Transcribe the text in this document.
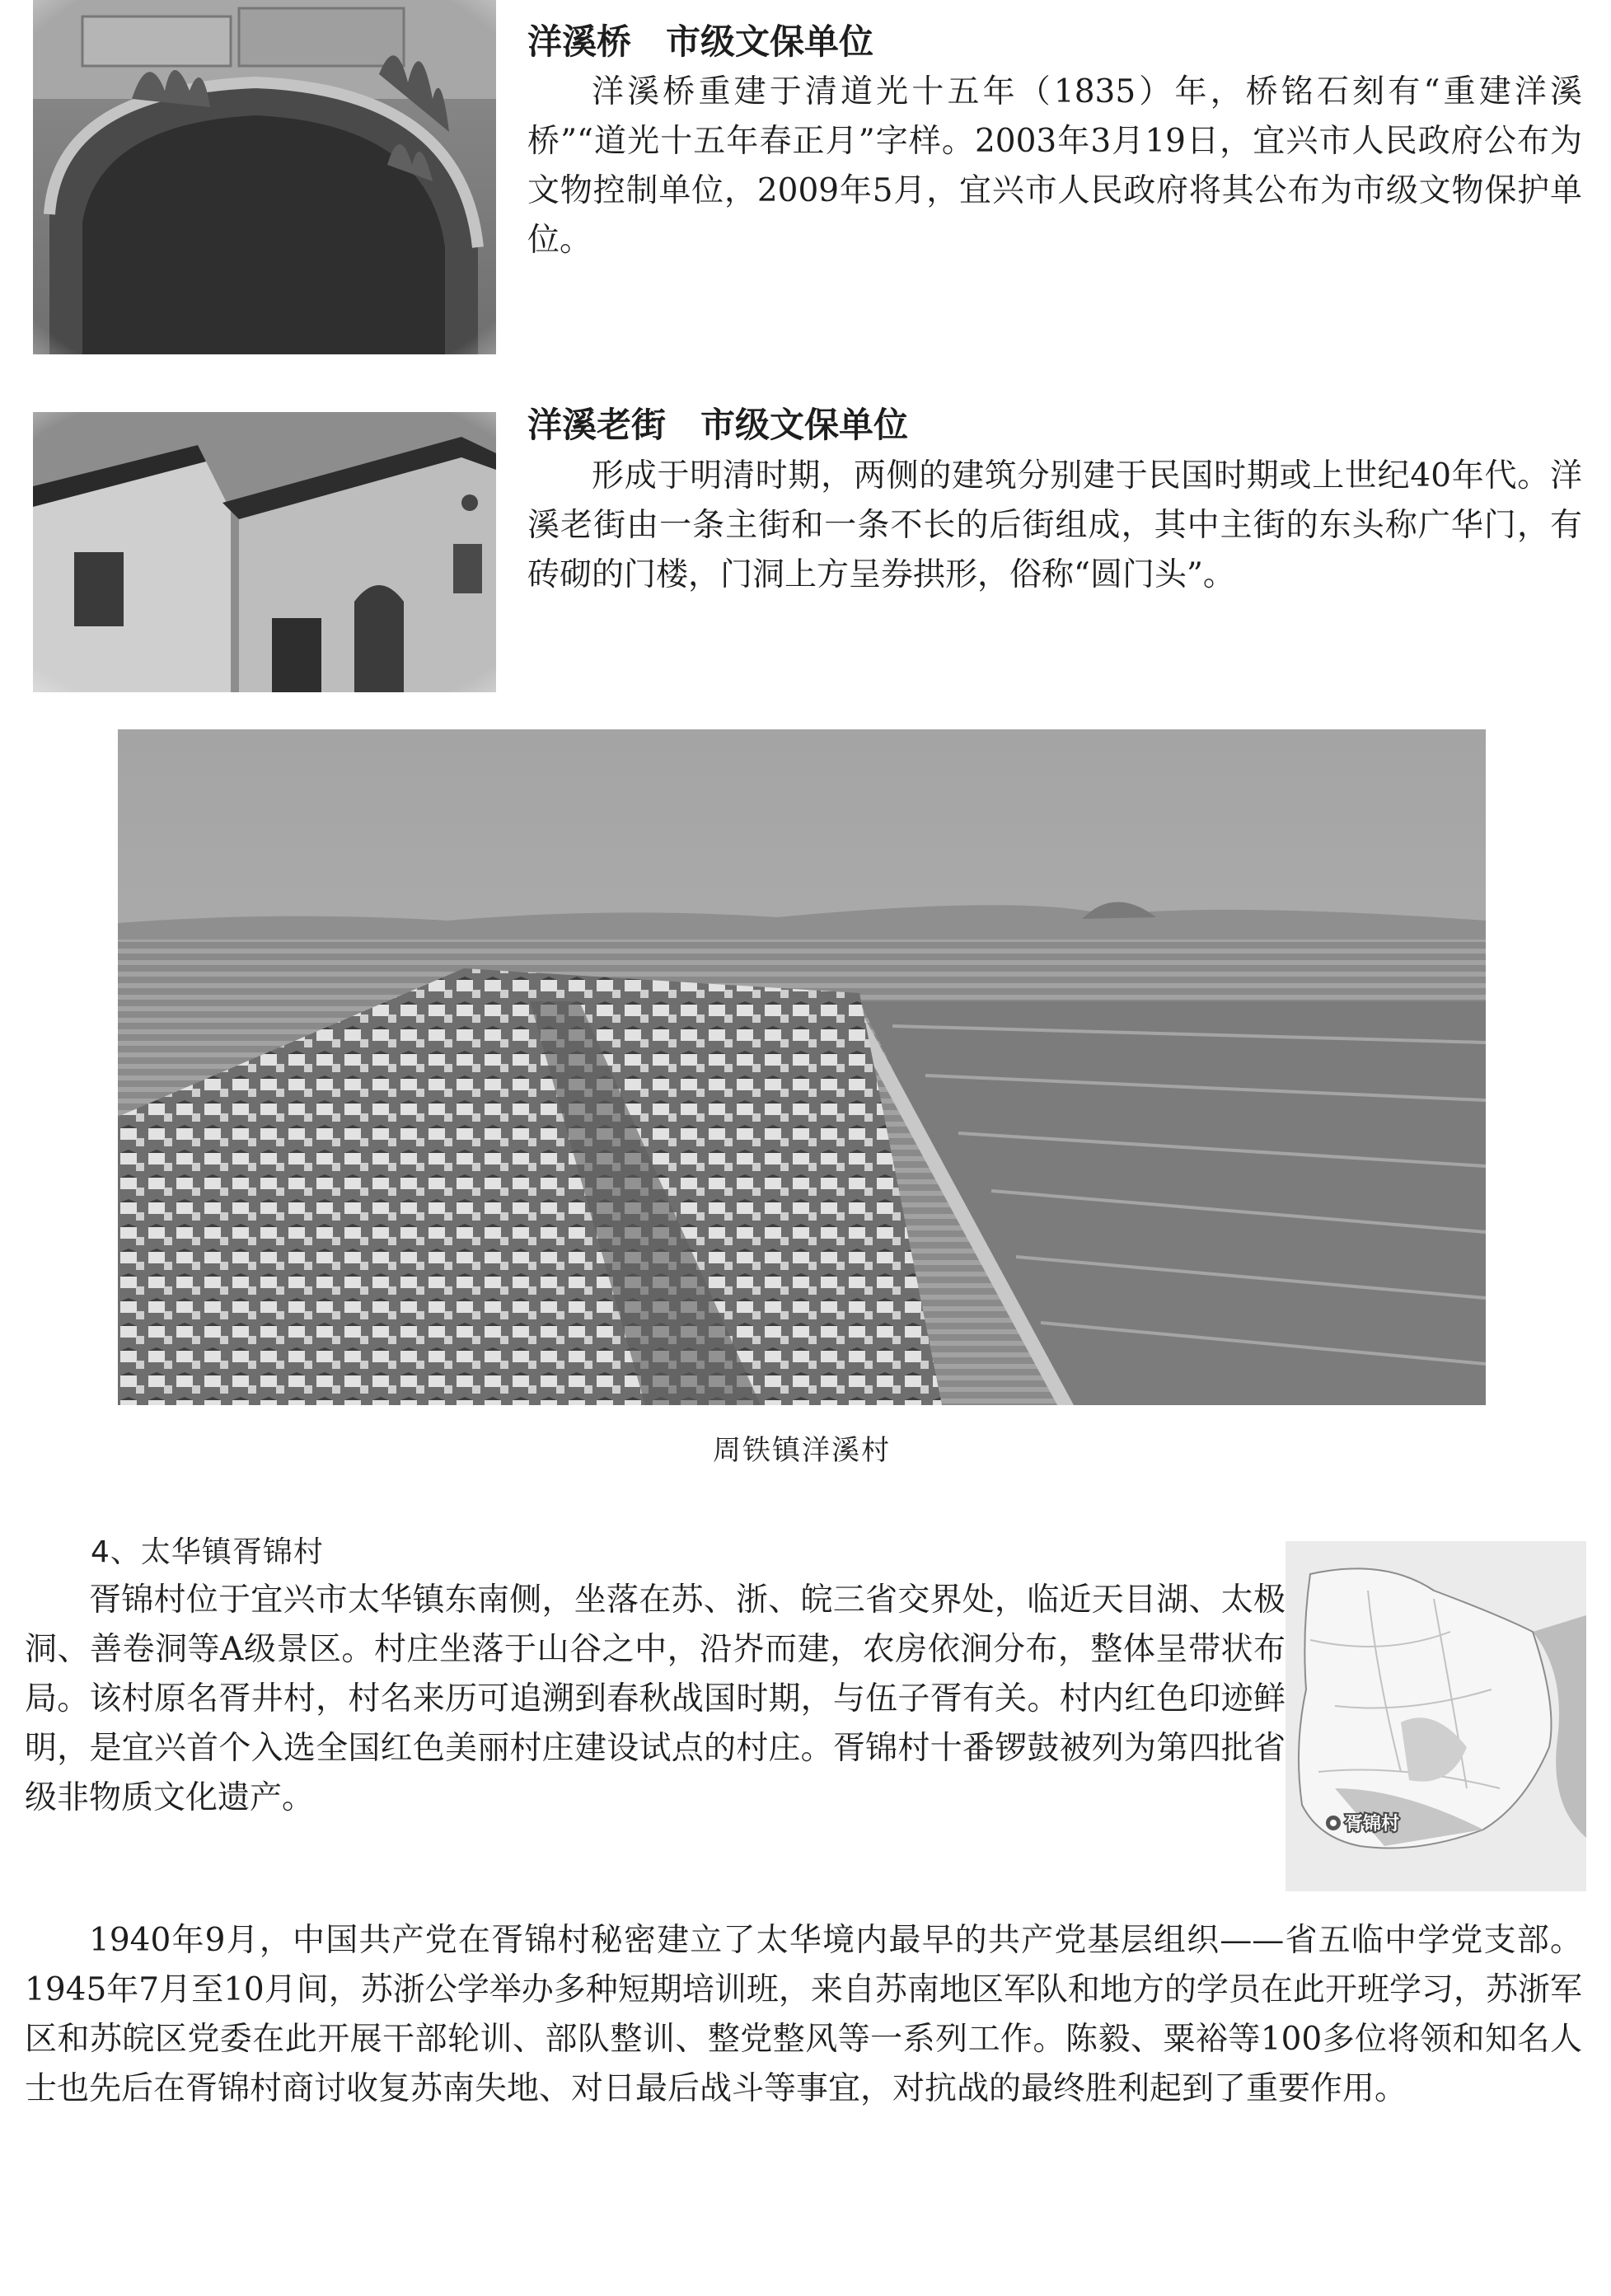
洋溪桥　市级文保单位
洋溪桥重建于清道光十五年（1835）年，桥铭石刻有“重建洋溪桥”“道光十五年春正月”字样。2003年3月19日，宜兴市人民政府公布为文物控制单位，2009年5月，宜兴市人民政府将其公布为市级文物保护单位。
洋溪老街　市级文保单位
形成于明清时期，两侧的建筑分别建于民国时期或上世纪40年代。洋溪老街由一条主街和一条不长的后街组成，其中主街的东头称广华门，有砖砌的门楼，门洞上方呈券拱形，俗称“圆门头”。
周铁镇洋溪村
4、太华镇胥锦村
胥锦村位于宜兴市太华镇东南侧，坐落在苏、浙、皖三省交界处，临近天目湖、太极洞、善卷洞等A级景区。村庄坐落于山谷之中，沿岕而建，农房依涧分布，整体呈带状布局。该村原名胥井村，村名来历可追溯到春秋战国时期，与伍子胥有关。村内红色印迹鲜明，是宜兴首个入选全国红色美丽村庄建设试点的村庄。胥锦村十番锣鼓被列为第四批省级非物质文化遗产。
胥锦村
1940年9月，中国共产党在胥锦村秘密建立了太华境内最早的共产党基层组织——省五临中学党支部。1945年7月至10月间，苏浙公学举办多种短期培训班，来自苏南地区军队和地方的学员在此开班学习，苏浙军区和苏皖区党委在此开展干部轮训、部队整训、整党整风等一系列工作。陈毅、粟裕等100多位将领和知名人士也先后在胥锦村商讨收复苏南失地、对日最后战斗等事宜，对抗战的最终胜利起到了重要作用。
